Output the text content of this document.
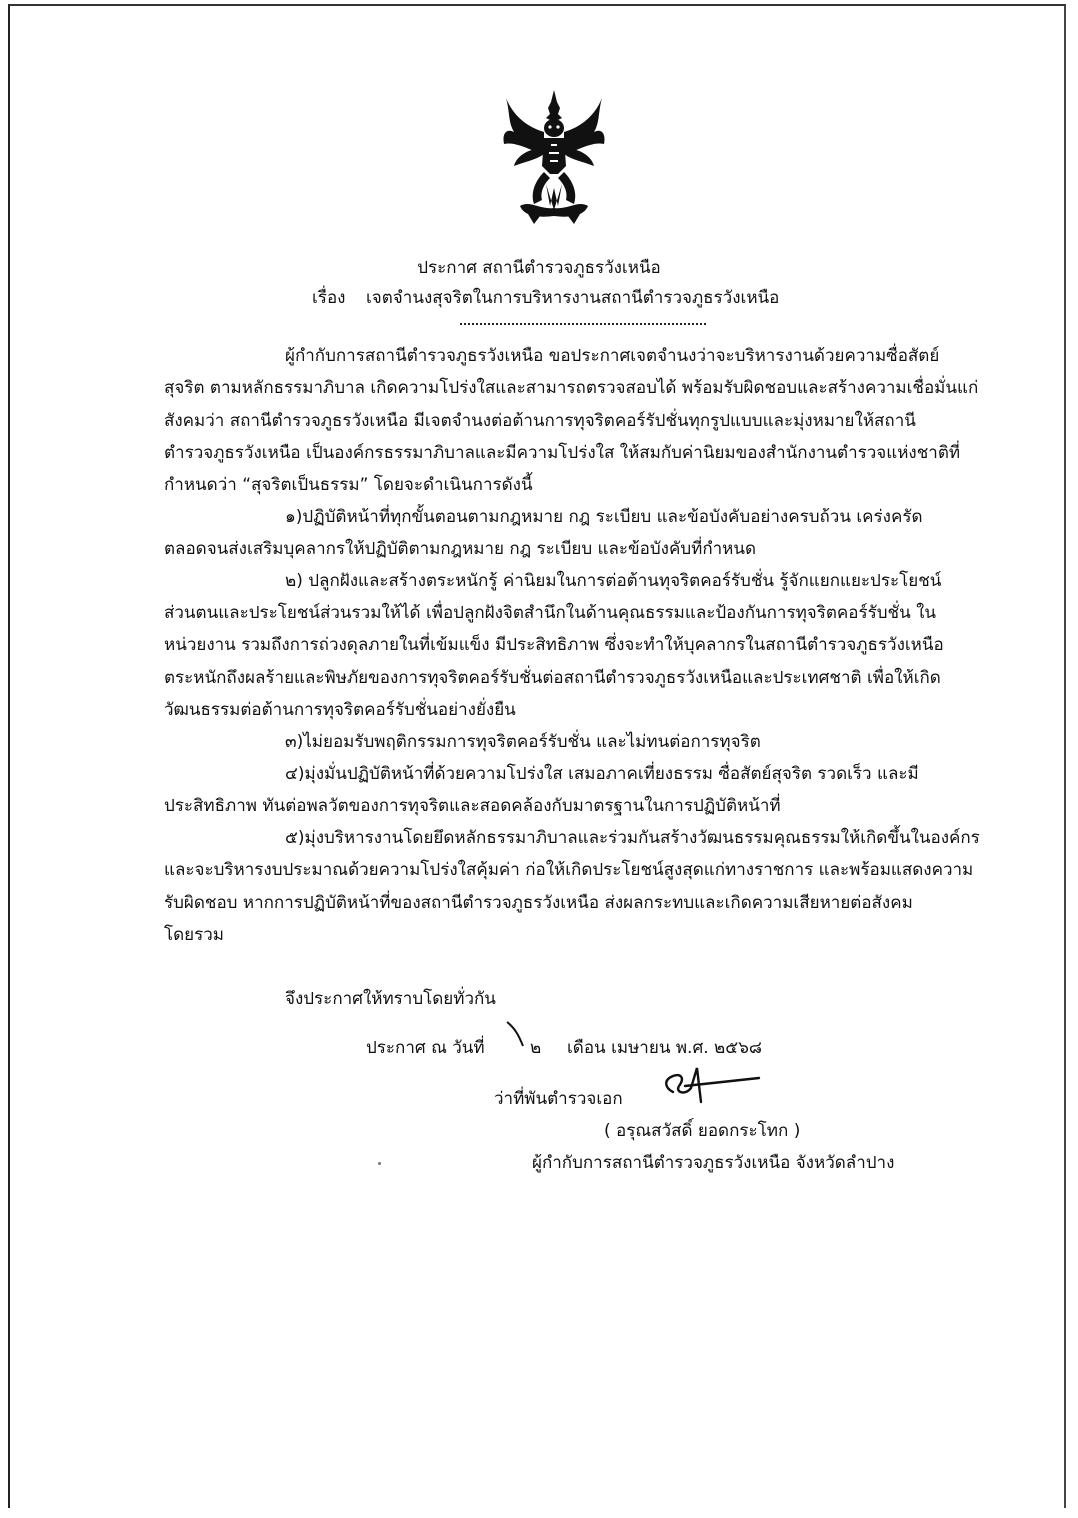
ประกาศ สถานีตำรวจภูธรวังเหนือ
เรื่อง เจตจำนงสุจริตในการบริหารงานสถานีตำรวจภูธรวังเหนือ
ผู้กำกับการสถานีตำรวจภูธรวังเหนือ ขอประกาศเจตจำนงว่าจะบริหารงานด้วยความซื่อสัตย์
สุจริต ตามหลักธรรมาภิบาล เกิดความโปร่งใสและสามารถตรวจสอบได้ พร้อมรับผิดชอบและสร้างความเชื่อมั่นแก่
สังคมว่า สถานีตำรวจภูธรวังเหนือ มีเจตจำนงต่อต้านการทุจริตคอร์รัปชั่นทุกรูปแบบและมุ่งหมายให้สถานี
ตำรวจภูธรวังเหนือ เป็นองค์กรธรรมาภิบาลและมีความโปร่งใส ให้สมกับค่านิยมของสำนักงานตำรวจแห่งชาติที่
กำหนดว่า “สุจริตเป็นธรรม” โดยจะดำเนินการดังนี้
๑)ปฏิบัติหน้าที่ทุกขั้นตอนตามกฎหมาย กฎ ระเบียบ และข้อบังคับอย่างครบถ้วน เคร่งครัด
ตลอดจนส่งเสริมบุคลากรให้ปฏิบัติตามกฎหมาย กฎ ระเบียบ และข้อบังคับที่กำหนด
๒) ปลูกฝังและสร้างตระหนักรู้ ค่านิยมในการต่อต้านทุจริตคอร์รับชั่น รู้จักแยกแยะประโยชน์
ส่วนตนและประโยชน์ส่วนรวมให้ได้ เพื่อปลูกฝังจิตสำนึกในด้านคุณธรรมและป้องกันการทุจริตคอร์รับชั่น ใน
หน่วยงาน รวมถึงการถ่วงดุลภายในที่เข้มแข็ง มีประสิทธิภาพ ซึ่งจะทำให้บุคลากรในสถานีตำรวจภูธรวังเหนือ
ตระหนักถึงผลร้ายและพิษภัยของการทุจริตคอร์รับชั่นต่อสถานีตำรวจภูธรวังเหนือและประเทศชาติ เพื่อให้เกิด
วัฒนธรรมต่อต้านการทุจริตคอร์รับชั่นอย่างยั่งยืน
๓)ไม่ยอมรับพฤติกรรมการทุจริตคอร์รับชั่น และไม่ทนต่อการทุจริต
๔)มุ่งมั่นปฏิบัติหน้าที่ด้วยความโปร่งใส เสมอภาคเที่ยงธรรม ซื่อสัตย์สุจริต รวดเร็ว และมี
ประสิทธิภาพ ทันต่อพลวัตของการทุจริตและสอดคล้องกับมาตรฐานในการปฏิบัติหน้าที่
๕)มุ่งบริหารงานโดยยึดหลักธรรมาภิบาลและร่วมกันสร้างวัฒนธรรมคุณธรรมให้เกิดขึ้นในองค์กร
และจะบริหารงบประมาณด้วยความโปร่งใสคุ้มค่า ก่อให้เกิดประโยชน์สูงสุดแก่ทางราชการ และพร้อมแสดงความ
รับผิดชอบ หากการปฏิบัติหน้าที่ของสถานีตำรวจภูธรวังเหนือ ส่งผลกระทบและเกิดความเสียหายต่อสังคม
โดยรวม
จึงประกาศให้ทราบโดยทั่วกัน
ประกาศ ณ วันที่	๒ เดือน เมษายน พ.ศ. ๒๕๖๘
ว่าที่พันตำรวจเอก
( อรุณสวัสดิ์ ยอดกระโทก )
ผู้กำกับการสถานีตำรวจภูธรวังเหนือ จังหวัดลำปาง
